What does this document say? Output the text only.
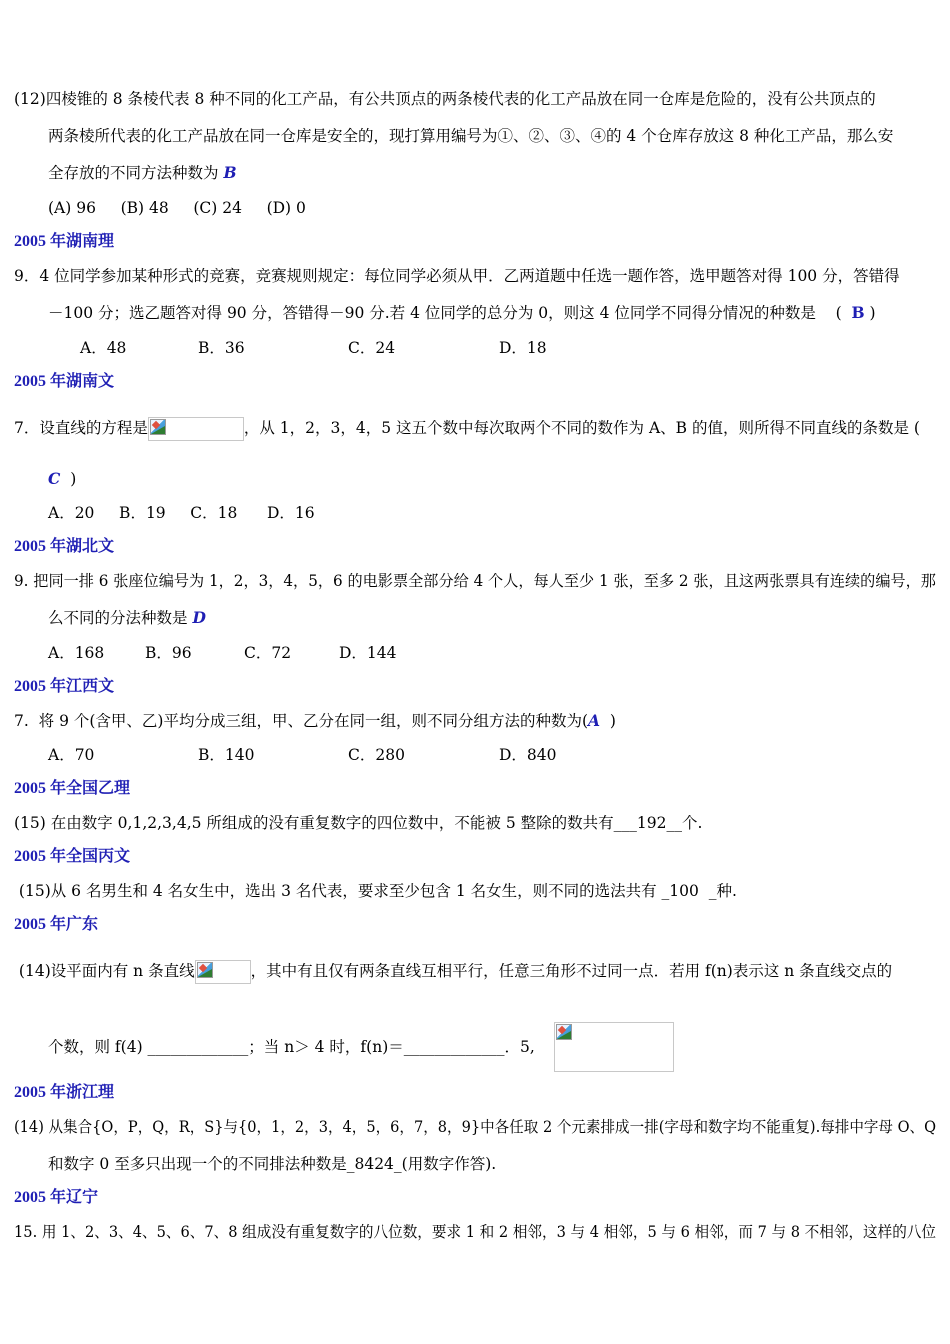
(12)四棱锥的 8 条棱代表 8 种不同的化工产品，有公共顶点的两条棱代表的化工产品放在同一仓库是危险的，没有公共顶点的
两条棱所代表的化工产品放在同一仓库是安全的，现打算用编号为①、②、③、④的 4 个仓库存放这 8 种化工产品，那么安
全存放的不同方法种数为 B
(A) 96     (B) 48     (C) 24     (D) 0
2005 年湖南理
9．4 位同学参加某种形式的竞赛，竞赛规则规定：每位同学必须从甲．乙两道题中任选一题作答，选甲题答对得 100 分，答错得
－100 分；选乙题答对得 90 分，答错得－90 分.若 4 位同学的总分为 0，则这 4 位同学不同得分情况的种数是    (  B )
A．48	B．36	C．24	D．18
2005 年湖南文
7．设直线的方程是	，从 1，2，3，4，5 这五个数中每次取两个不同的数作为 A、B 的值，则所得不同直线的条数是 (
C  )
A．20     B．19     C．18      D．16
2005 年湖北文
9. 把同一排 6 张座位编号为 1，2，3，4，5，6 的电影票全部分给 4 个人，每人至少 1 张，至多 2 张，且这两张票具有连续的编号，那
么不同的分法种数是 D
A．168	B．96	C．72	D．144
2005 年江西文
7.  将 9 个(含甲、乙)平均分成三组，甲、乙分在同一组，则不同分组方法的种数为(A  )
A．70	B．140	C．280	D．840
2005 年全国乙理
(15) 在由数字 0,1,2,3,4,5 所组成的没有重复数字的四位数中，不能被 5 整除的数共有___192__个.
2005 年全国丙文
(15)从 6 名男生和 4 名女生中，选出 3 名代表，要求至少包含 1 名女生，则不同的选法共有 _100  _种.
2005 年广东
(14)设平面内有 n 条直线	，其中有且仅有两条直线互相平行，任意三角形不过同一点．若用 f(n)表示这 n 条直线交点的
个数，则 f(4) _____________；当 n＞ 4 时，f(n)＝_____________．5,
2005 年浙江理
(14) 从集合{O，P，Q，R，S}与{0，1，2，3，4，5，6，7，8，9}中各任取 2 个元素排成一排(字母和数字均不能重复).每排中字母 O、Q
和数字 0 至多只出现一个的不同排法种数是_8424_(用数字作答).
2005 年辽宁
15. 用 1、2、3、4、5、6、7、8 组成没有重复数字的八位数，要求 1 和 2 相邻，3 与 4 相邻，5 与 6 相邻，而 7 与 8 不相邻，这样的八位
